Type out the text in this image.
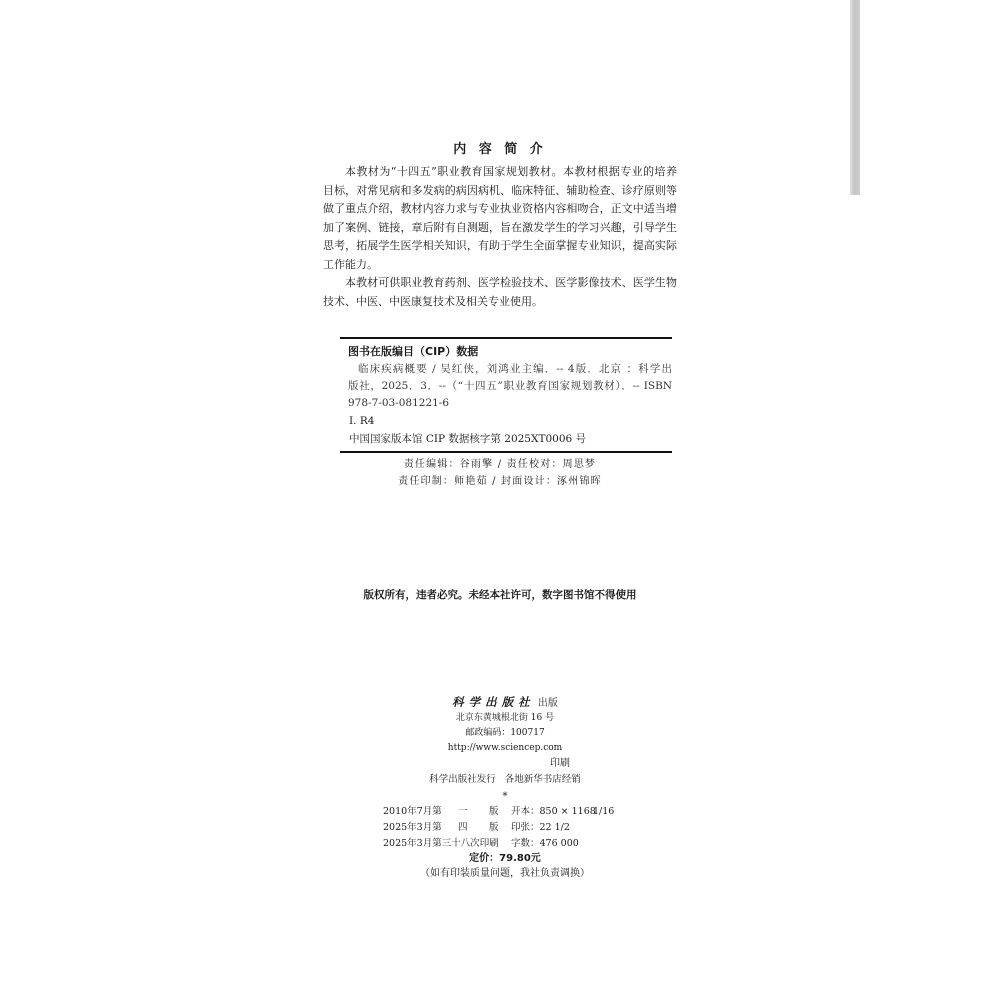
内 容 简 介
本教材为“十四五”职业教育国家规划教材。本教材根据专业的培养
目标，对常见病和多发病的病因病机、临床特征、辅助检查、诊疗原则等
做了重点介绍，教材内容力求与专业执业资格内容相吻合，正文中适当增
加了案例、链接，章后附有自测题，旨在激发学生的学习兴趣，引导学生
思考，拓展学生医学相关知识，有助于学生全面掌握专业知识，提高实际
工作能力。
本教材可供职业教育药剂、医学检验技术、医学影像技术、医学生物
技术、中医、中医康复技术及相关专业使用。
图书在版编目（CIP）数据
临床疾病概要 / 吴红侠，刘鸿业主编．-- 4版．北京 ：科学出
版社，2025．3．--（“十四五”职业教育国家规划教材）．-- ISBN
978-7-03-081221-6
Ⅰ. R4
中国国家版本馆 CIP 数据核字第 2025XT0006 号
责任编辑：谷雨擎 / 责任校对：周思梦
责任印制：师艳茹 / 封面设计：涿州锦晖
版权所有，违者必究。未经本社许可，数字图书馆不得使用
科学出版社 出版
北京东黄城根北街 16 号
邮政编码：100717
http://www.sciencep.com
印刷
科学出版社发行   各地新华书店经销
*
2010年7月第 一 版 开本：850 × 1168
1/16
2025年3月第 四 版 印张：22 1/2
2025年3月第三十八次印刷 字数：476 000
定价：79.80元
（如有印装质量问题，我社负责调换）
